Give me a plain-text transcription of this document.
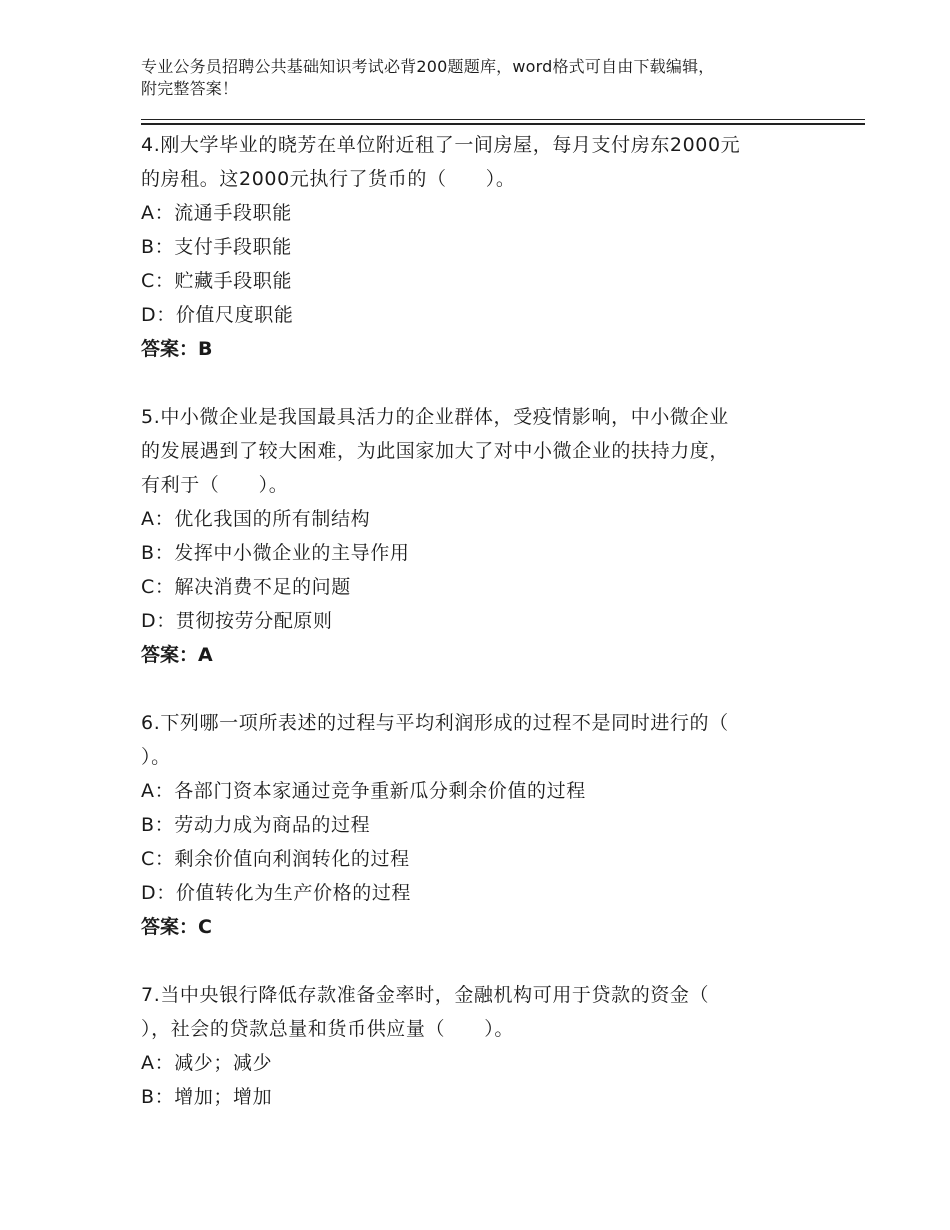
专业公务员招聘公共基础知识考试必背200题题库，word格式可自由下载编辑，
附完整答案！
4.刚大学毕业的晓芳在单位附近租了一间房屋，每月支付房东2000元
的房租。这2000元执行了货币的（　　）。
A：流通手段职能
B：支付手段职能
C：贮藏手段职能
D：价值尺度职能
答案：B
5.中小微企业是我国最具活力的企业群体，受疫情影响，中小微企业
的发展遇到了较大困难，为此国家加大了对中小微企业的扶持力度，
有利于（　　）。
A：优化我国的所有制结构
B：发挥中小微企业的主导作用
C：解决消费不足的问题
D：贯彻按劳分配原则
答案：A
6.下列哪一项所表述的过程与平均利润形成的过程不是同时进行的（
）。
A：各部门资本家通过竞争重新瓜分剩余价值的过程
B：劳动力成为商品的过程
C：剩余价值向利润转化的过程
D：价值转化为生产价格的过程
答案：C
7.当中央银行降低存款准备金率时，金融机构可用于贷款的资金（
），社会的贷款总量和货币供应量（　　）。
A：减少；减少
B：增加；增加
